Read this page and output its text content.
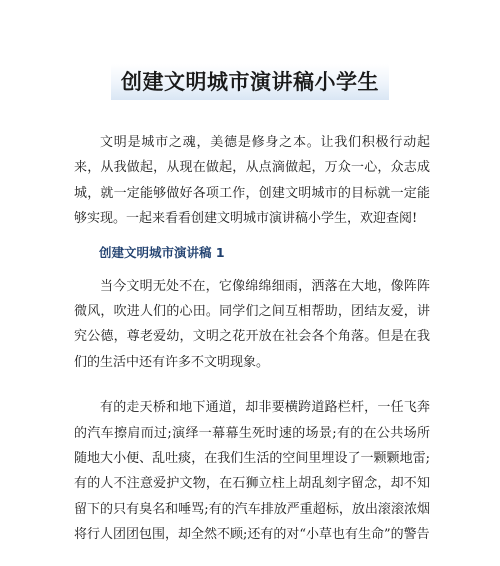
创建文明城市演讲稿小学生

文明是城市之魂，美德是修身之本。让我们积极行动起来，从我做起，从现在做起，从点滴做起，万众一心，众志成城，就一定能够做好各项工作，创建文明城市的目标就一定能够实现。一起来看看创建文明城市演讲稿小学生，欢迎查阅!

创建文明城市演讲稿 1

当今文明无处不在，它像绵绵细雨，洒落在大地，像阵阵微风，吹进人们的心田。同学们之间互相帮助，团结友爱，讲究公德，尊老爱幼，文明之花开放在社会各个角落。但是在我们的生活中还有许多不文明现象。

有的走天桥和地下通道，却非要横跨道路栏杆，一任飞奔的汽车擦肩而过;演绎一幕幕生死时速的场景;有的在公共场所随地大小便、乱吐痰，在我们生活的空间里埋设了一颗颗地雷;有的人不注意爱护文物，在石狮立柱上胡乱刻字留念，却不知留下的只有臭名和唾骂;有的汽车排放严重超标，放出滚滚浓烟将行人团团包围，却全然不顾;还有的对“小草也有生命”的警告
